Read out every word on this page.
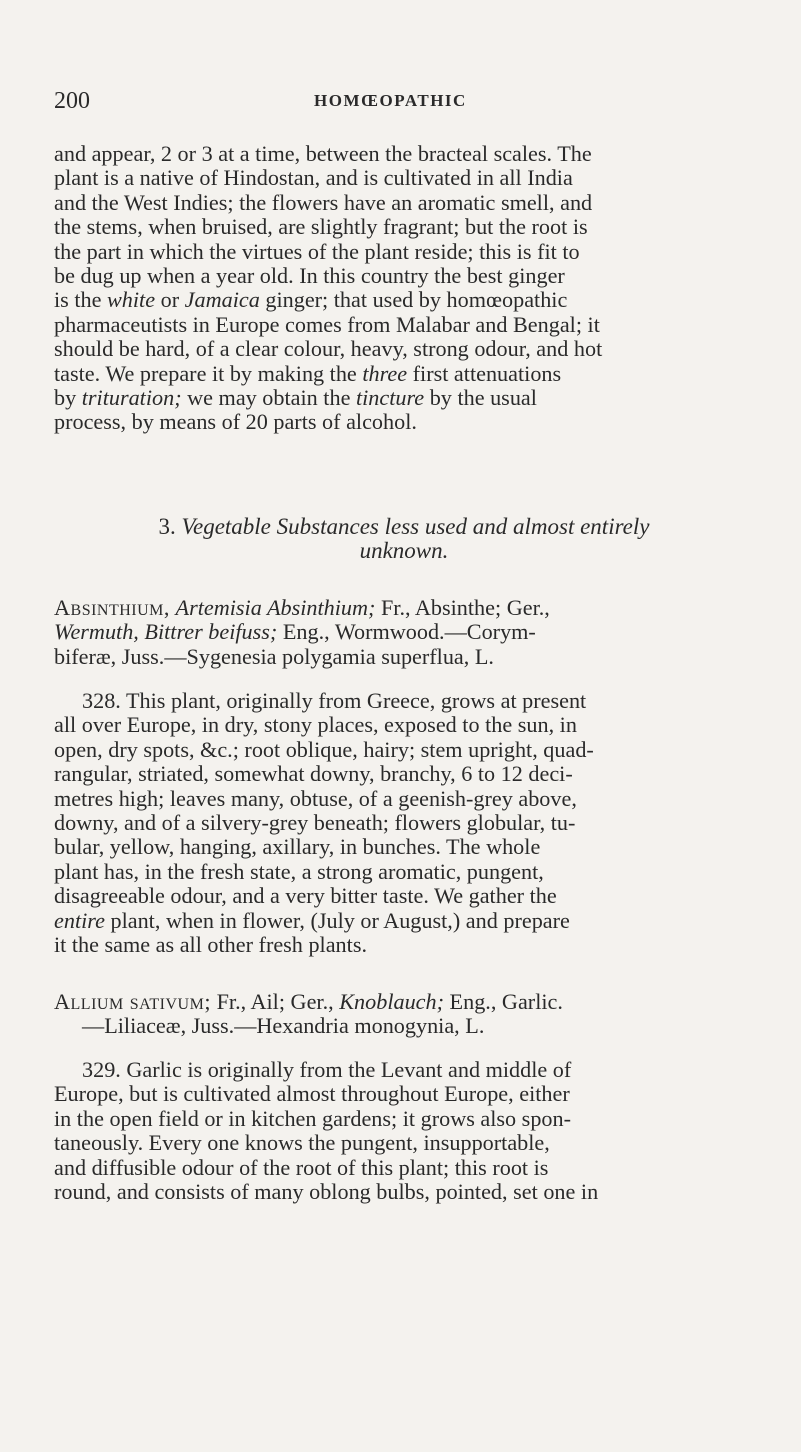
200	HOMŒOPATHIC
and appear, 2 or 3 at a time, between the bracteal scales. The
plant is a native of Hindostan, and is cultivated in all India
and the West Indies; the flowers have an aromatic smell, and
the stems, when bruised, are slightly fragrant; but the root is
the part in which the virtues of the plant reside; this is fit to
be dug up when a year old. In this country the best ginger
is the white or Jamaica ginger; that used by homœopathic
pharmaceutists in Europe comes from Malabar and Bengal; it
should be hard, of a clear colour, heavy, strong odour, and hot
taste. We prepare it by making the three first attenuations
by trituration; we may obtain the tincture by the usual
process, by means of 20 parts of alcohol.
3. Vegetable Substances less used and almost entirely
unknown.
Absinthium, Artemisia Absinthium; Fr., Absinthe; Ger.,
Wermuth, Bittrer beifuss; Eng., Wormwood.—Corym-
biferæ, Juss.—Sygenesia polygamia superflua, L.
328. This plant, originally from Greece, grows at present
all over Europe, in dry, stony places, exposed to the sun, in
open, dry spots, &c.; root oblique, hairy; stem upright, quad-
rangular, striated, somewhat downy, branchy, 6 to 12 deci-
metres high; leaves many, obtuse, of a geenish-grey above,
downy, and of a silvery-grey beneath; flowers globular, tu-
bular, yellow, hanging, axillary, in bunches. The whole
plant has, in the fresh state, a strong aromatic, pungent,
disagreeable odour, and a very bitter taste. We gather the
entire plant, when in flower, (July or August,) and prepare
it the same as all other fresh plants.
Allium sativum; Fr., Ail; Ger., Knoblauch; Eng., Garlic.
—Liliaceæ, Juss.—Hexandria monogynia, L.
329. Garlic is originally from the Levant and middle of
Europe, but is cultivated almost throughout Europe, either
in the open field or in kitchen gardens; it grows also spon-
taneously. Every one knows the pungent, insupportable,
and diffusible odour of the root of this plant; this root is
round, and consists of many oblong bulbs, pointed, set one in
